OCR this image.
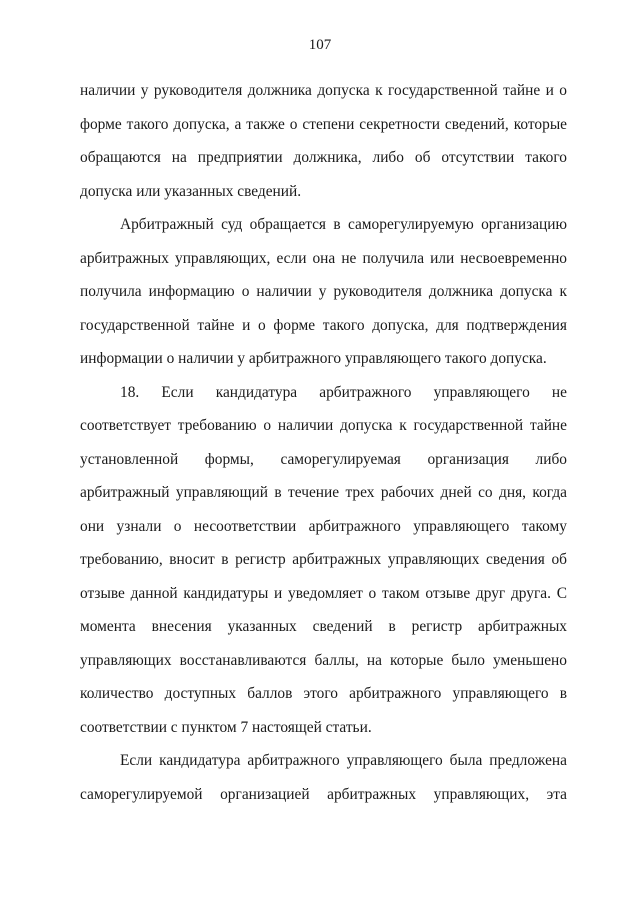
107

наличии у руководителя должника допуска к государственной тайне и о форме такого допуска, а также о степени секретности сведений, которые обращаются на предприятии должника, либо об отсутствии такого допуска или указанных сведений.

Арбитражный суд обращается в саморегулируемую организацию арбитражных управляющих, если она не получила или несвоевременно получила информацию о наличии у руководителя должника допуска к государственной тайне и о форме такого допуска, для подтверждения информации о наличии у арбитражного управляющего такого допуска.

18. Если кандидатура арбитражного управляющего не соответствует требованию о наличии допуска к государственной тайне установленной формы, саморегулируемая организация либо арбитражный управляющий в течение трех рабочих дней со дня, когда они узнали о несоответствии арбитражного управляющего такому требованию, вносит в регистр арбитражных управляющих сведения об отзыве данной кандидатуры и уведомляет о таком отзыве друг друга. С момента внесения указанных сведений в регистр арбитражных управляющих восстанавливаются баллы, на которые было уменьшено количество доступных баллов этого арбитражного управляющего в соответствии с пунктом 7 настоящей статьи.

Если кандидатура арбитражного управляющего была предложена саморегулируемой организацией арбитражных управляющих, эта
